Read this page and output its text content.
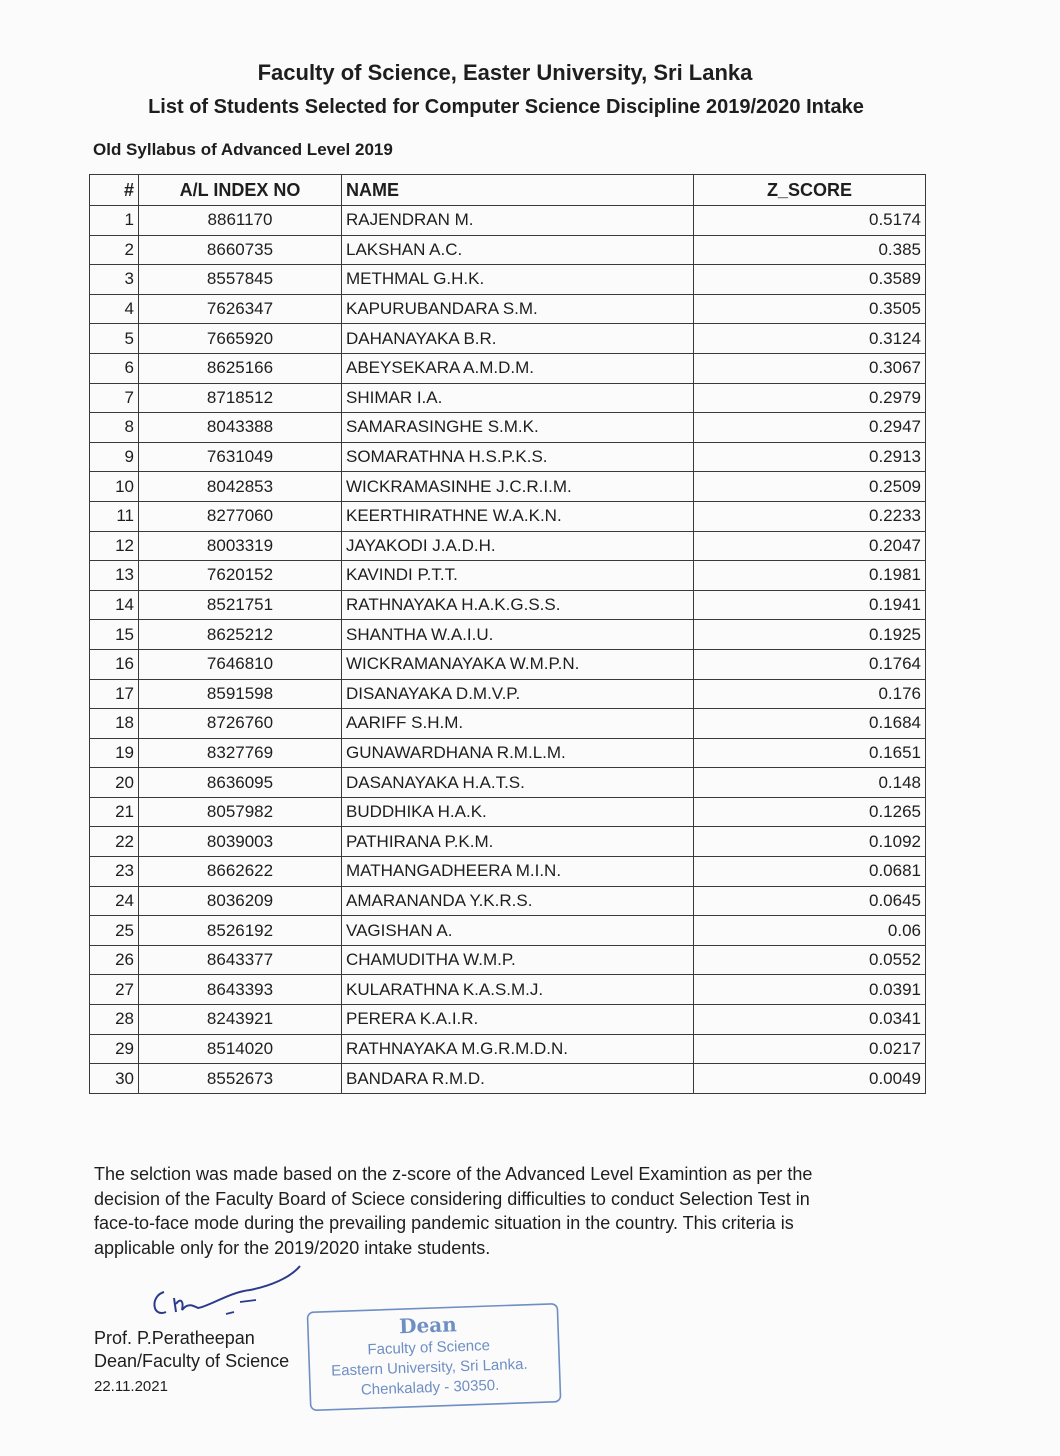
Faculty of Science, Easter University, Sri Lanka
List of Students Selected for Computer Science Discipline 2019/2020 Intake
Old Syllabus of Advanced Level 2019
#	A/L INDEX NO	NAME	Z_SCORE
1	8861170	RAJENDRAN M.	0.5174
2	8660735	LAKSHAN A.C.	0.385
3	8557845	METHMAL G.H.K.	0.3589
4	7626347	KAPURUBANDARA S.M.	0.3505
5	7665920	DAHANAYAKA B.R.	0.3124
6	8625166	ABEYSEKARA A.M.D.M.	0.3067
7	8718512	SHIMAR I.A.	0.2979
8	8043388	SAMARASINGHE S.M.K.	0.2947
9	7631049	SOMARATHNA H.S.P.K.S.	0.2913
10	8042853	WICKRAMASINHE J.C.R.I.M.	0.2509
11	8277060	KEERTHIRATHNE W.A.K.N.	0.2233
12	8003319	JAYAKODI J.A.D.H.	0.2047
13	7620152	KAVINDI P.T.T.	0.1981
14	8521751	RATHNAYAKA H.A.K.G.S.S.	0.1941
15	8625212	SHANTHA W.A.I.U.	0.1925
16	7646810	WICKRAMANAYAKA W.M.P.N.	0.1764
17	8591598	DISANAYAKA D.M.V.P.	0.176
18	8726760	AARIFF S.H.M.	0.1684
19	8327769	GUNAWARDHANA R.M.L.M.	0.1651
20	8636095	DASANAYAKA H.A.T.S.	0.148
21	8057982	BUDDHIKA H.A.K.	0.1265
22	8039003	PATHIRANA P.K.M.	0.1092
23	8662622	MATHANGADHEERA M.I.N.	0.0681
24	8036209	AMARANANDA Y.K.R.S.	0.0645
25	8526192	VAGISHAN A.	0.06
26	8643377	CHAMUDITHA W.M.P.	0.0552
27	8643393	KULARATHNA K.A.S.M.J.	0.0391
28	8243921	PERERA K.A.I.R.	0.0341
29	8514020	RATHNAYAKA M.G.R.M.D.N.	0.0217
30	8552673	BANDARA R.M.D.	0.0049
The selction was made based on the z-score of the Advanced Level Examintion as per the
decision of the Faculty Board of Sciece considering difficulties to conduct Selection Test in
face-to-face mode during the prevailing pandemic situation in the country. This criteria is
applicable only for the 2019/2020 intake students.
Prof. P.Peratheepan
Dean/Faculty of Science
22.11.2021
Dean
Faculty of Science
Eastern University, Sri Lanka.
Chenkalady - 30350.
